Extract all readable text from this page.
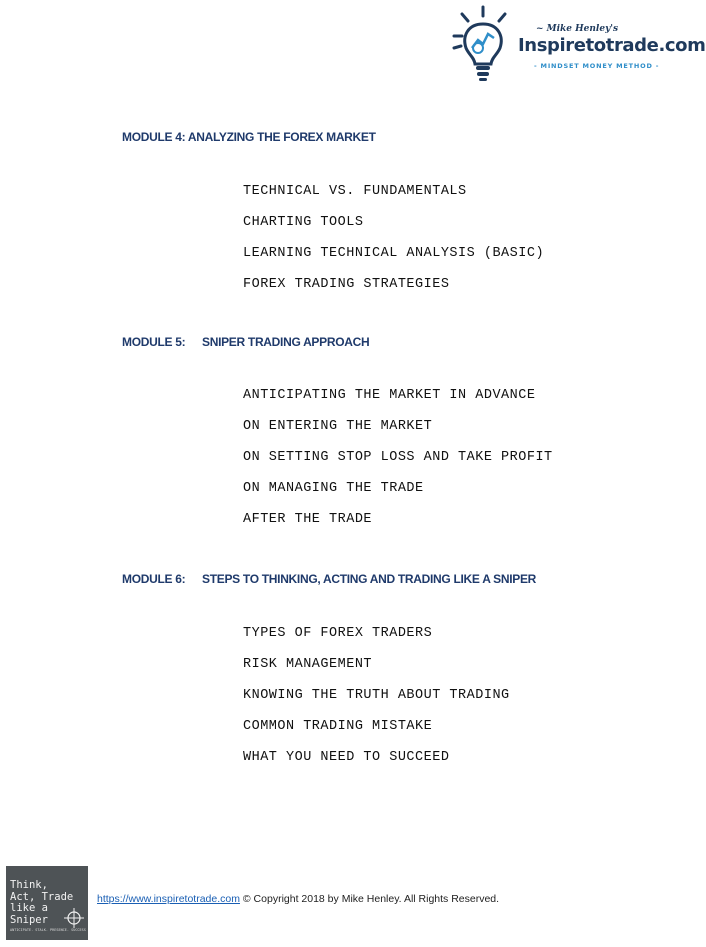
~ Mike Henley's
Inspiretotrade.com
- MINDSET MONEY METHOD -
MODULE 4: ANALYZING THE FOREX MARKET
TECHNICAL VS. FUNDAMENTALS
CHARTING TOOLS
LEARNING TECHNICAL ANALYSIS (BASIC)
FOREX TRADING STRATEGIES
MODULE 5: SNIPER TRADING APPROACH
ANTICIPATING THE MARKET IN ADVANCE
ON ENTERING THE MARKET
ON SETTING STOP LOSS AND TAKE PROFIT
ON MANAGING THE TRADE
AFTER THE TRADE
MODULE 6: STEPS TO THINKING, ACTING AND TRADING LIKE A SNIPER
TYPES OF FOREX TRADERS
RISK MANAGEMENT
KNOWING THE TRUTH ABOUT TRADING
COMMON TRADING MISTAKE
WHAT YOU NEED TO SUCCEED
Think,
Act, Trade
like a
Sniper
ANTICIPATE. STALK. PRESENCE. SUCCESS
https://www.inspiretotrade.com © Copyright 2018 by Mike Henley. All Rights Reserved.
